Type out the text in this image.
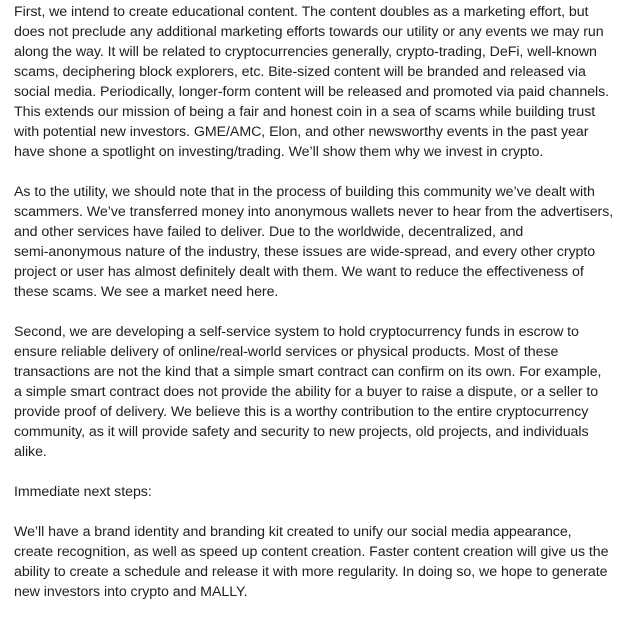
First, we intend to create educational content. The content doubles as a marketing effort, but
does not preclude any additional marketing efforts towards our utility or any events we may run
along the way. It will be related to cryptocurrencies generally, crypto-trading, DeFi, well-known
scams, deciphering block explorers, etc. Bite-sized content will be branded and released via
social media. Periodically, longer-form content will be released and promoted via paid channels.
This extends our mission of being a fair and honest coin in a sea of scams while building trust
with potential new investors. GME/AMC, Elon, and other newsworthy events in the past year
have shone a spotlight on investing/trading. We’ll show them why we invest in crypto.
As to the utility, we should note that in the process of building this community we’ve dealt with
scammers. We’ve transferred money into anonymous wallets never to hear from the advertisers,
and other services have failed to deliver. Due to the worldwide, decentralized, and
semi-anonymous nature of the industry, these issues are wide-spread, and every other crypto
project or user has almost definitely dealt with them. We want to reduce the effectiveness of
these scams. We see a market need here.
Second, we are developing a self-service system to hold cryptocurrency funds in escrow to
ensure reliable delivery of online/real-world services or physical products. Most of these
transactions are not the kind that a simple smart contract can confirm on its own. For example,
a simple smart contract does not provide the ability for a buyer to raise a dispute, or a seller to
provide proof of delivery. We believe this is a worthy contribution to the entire cryptocurrency
community, as it will provide safety and security to new projects, old projects, and individuals
alike.
Immediate next steps:
We’ll have a brand identity and branding kit created to unify our social media appearance,
create recognition, as well as speed up content creation. Faster content creation will give us the
ability to create a schedule and release it with more regularity. In doing so, we hope to generate
new investors into crypto and MALLY.
